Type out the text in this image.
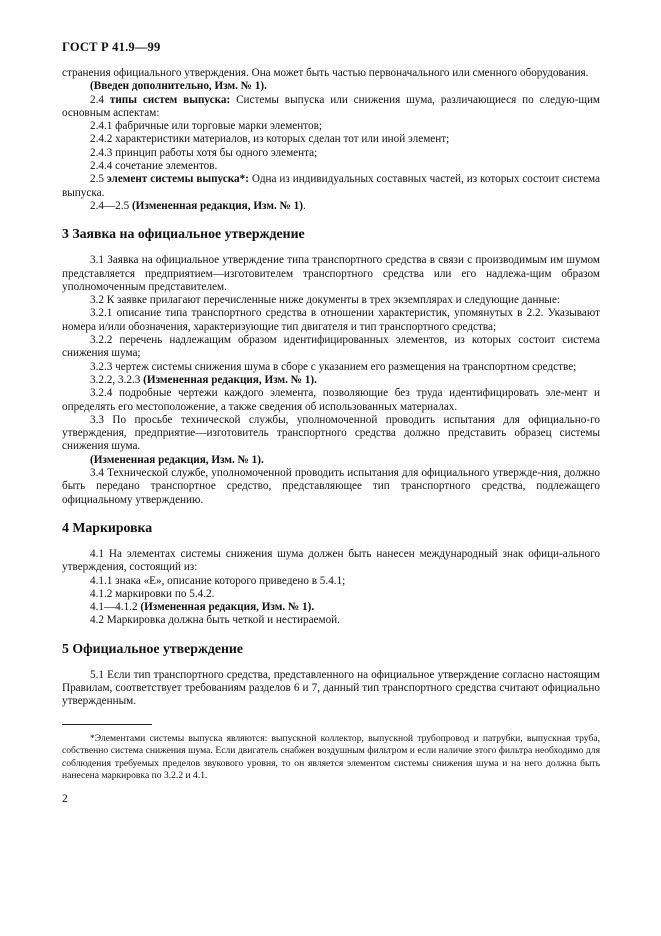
ГОСТ Р 41.9—99

странения официального утверждения. Она может быть частью первоначального или сменного оборудования.

(Введен дополнительно, Изм. № 1).

2.4 типы систем выпуска: Системы выпуска или снижения шума, различающиеся по следую-щим основным аспектам:

2.4.1 фабричные или торговые марки элементов;

2.4.2 характеристики материалов, из которых сделан тот или иной элемент;

2.4.3 принцип работы хотя бы одного элемента;

2.4.4 сочетание элементов.

2.5 элемент системы выпуска*: Одна из индивидуальных составных частей, из которых состоит система выпуска.

2.4—2.5 (Измененная редакция, Изм. № 1).

3 Заявка на официальное утверждение

3.1 Заявка на официальное утверждение типа транспортного средства в связи с производимым им шумом представляется предприятием—изготовителем транспортного средства или его надлежа-щим образом уполномоченным представителем.

3.2 К заявке прилагают перечисленные ниже документы в трех экземплярах и следующие данные:

3.2.1 описание типа транспортного средства в отношении характеристик, упомянутых в 2.2. Указывают номера и/или обозначения, характеризующие тип двигателя и тип транспортного средства;

3.2.2 перечень надлежащим образом идентифицированных элементов, из которых состоит система снижения шума;

3.2.3 чертеж системы снижения шума в сборе с указанием его размещения на транспортном средстве;

3.2.2, 3.2.3 (Измененная редакция, Изм. № 1).

3.2.4 подробные чертежи каждого элемента, позволяющие без труда идентифицировать эле-мент и определять его местоположение, а также сведения об использованных материалах.

3.3 По просьбе технической службы, уполномоченной проводить испытания для официально-го утверждения, предприятие—изготовитель транспортного средства должно представить образец системы снижения шума.

(Измененная редакция, Изм. № 1).

3.4 Технической службе, уполномоченной проводить испытания для официального утвержде-ния, должно быть передано транспортное средство, представляющее тип транспортного средства, подлежащего официальному утверждению.

4 Маркировка

4.1 На элементах системы снижения шума должен быть нанесен международный знак офици-ального утверждения, состоящий из:

4.1.1 знака «Е», описание которого приведено в 5.4.1;

4.1.2 маркировки по 5.4.2.

4.1—4.1.2 (Измененная редакция, Изм. № 1).

4.2 Маркировка должна быть четкой и нестираемой.

5 Официальное утверждение

5.1 Если тип транспортного средства, представленного на официальное утверждение согласно настоящим Правилам, соответствует требованиям разделов 6 и 7, данный тип транспортного средства считают официально утвержденным.

*Элементами системы выпуска являются: выпускной коллектор, выпускной трубопровод и патрубки, выпускная труба, собственно система снижения шума. Если двигатель снабжен воздушным фильтром и если наличие этого фильтра необходимо для соблюдения требуемых пределов звукового уровня, то он является элементом системы снижения шума и на него должна быть нанесена маркировка по 3.2.2 и 4.1.

2
